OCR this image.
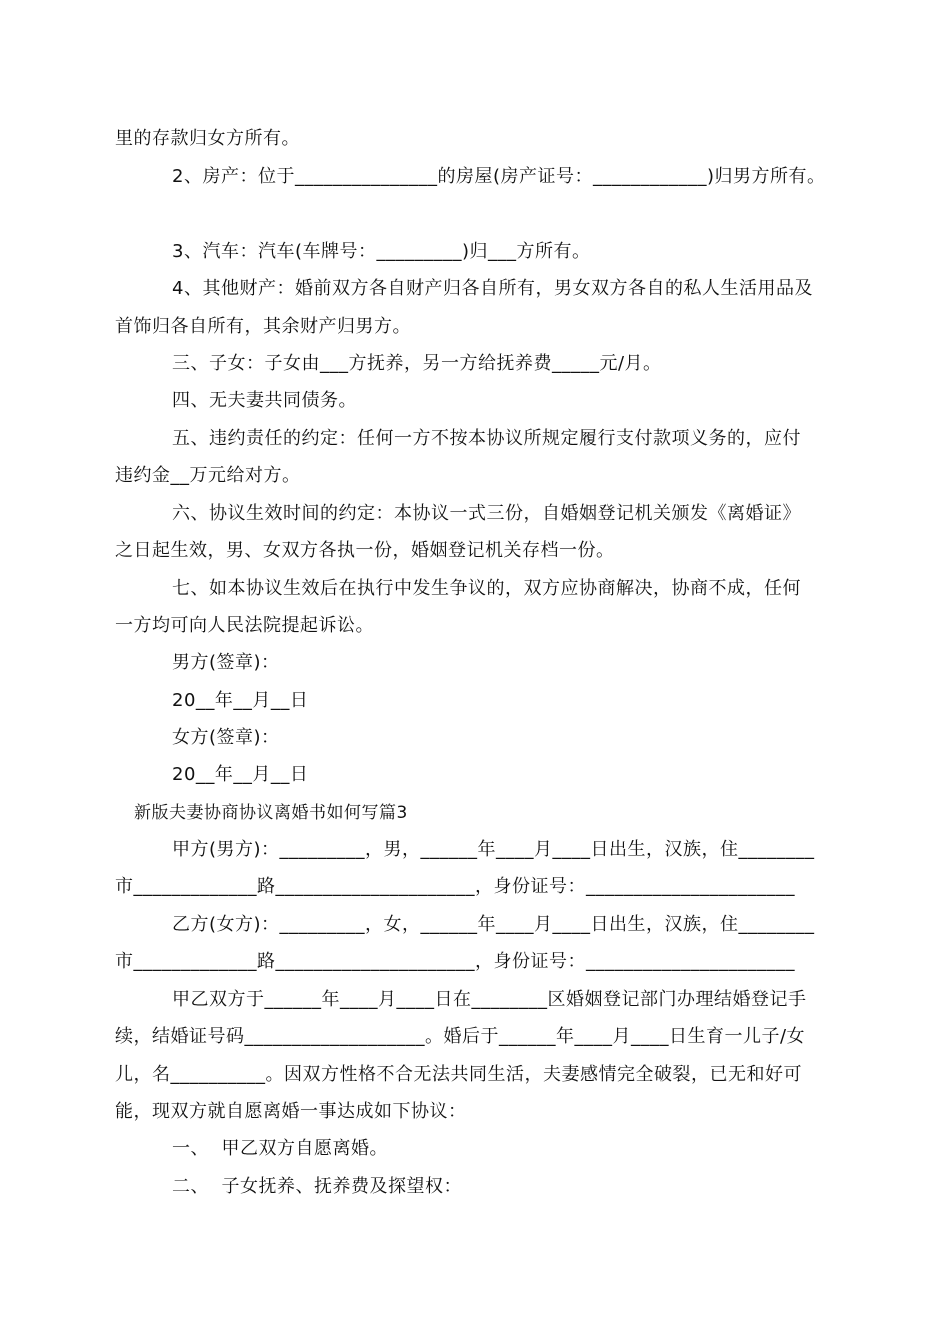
里的存款归女方所有。
2、房产：位于_______________的房屋(房产证号：____________)归男方所有。
3、汽车：汽车(车牌号：_________)归___方所有。
4、其他财产：婚前双方各自财产归各自所有，男女双方各自的私人生活用品及
首饰归各自所有，其余财产归男方。
三、子女：子女由___方抚养，另一方给抚养费_____元/月。
四、无夫妻共同债务。
五、违约责任的约定：任何一方不按本协议所规定履行支付款项义务的，应付
违约金__万元给对方。
六、协议生效时间的约定：本协议一式三份，自婚姻登记机关颁发《离婚证》
之日起生效，男、女双方各执一份，婚姻登记机关存档一份。
七、如本协议生效后在执行中发生争议的，双方应协商解决，协商不成，任何
一方均可向人民法院提起诉讼。
男方(签章)：
20__年__月__日
女方(签章)：
20__年__月__日
新版夫妻协商协议离婚书如何写篇3
甲方(男方)：_________，男，______年____月____日出生，汉族，住________
市_____________路_____________________，身份证号：______________________
乙方(女方)：_________，女，______年____月____日出生，汉族，住________
市_____________路_____________________，身份证号：______________________
甲乙双方于______年____月____日在________区婚姻登记部门办理结婚登记手
续，结婚证号码___________________。婚后于______年____月____日生育一儿子/女
儿，名__________。因双方性格不合无法共同生活，夫妻感情完全破裂，已无和好可
能，现双方就自愿离婚一事达成如下协议：
一、  甲乙双方自愿离婚。
二、  子女抚养、抚养费及探望权：
